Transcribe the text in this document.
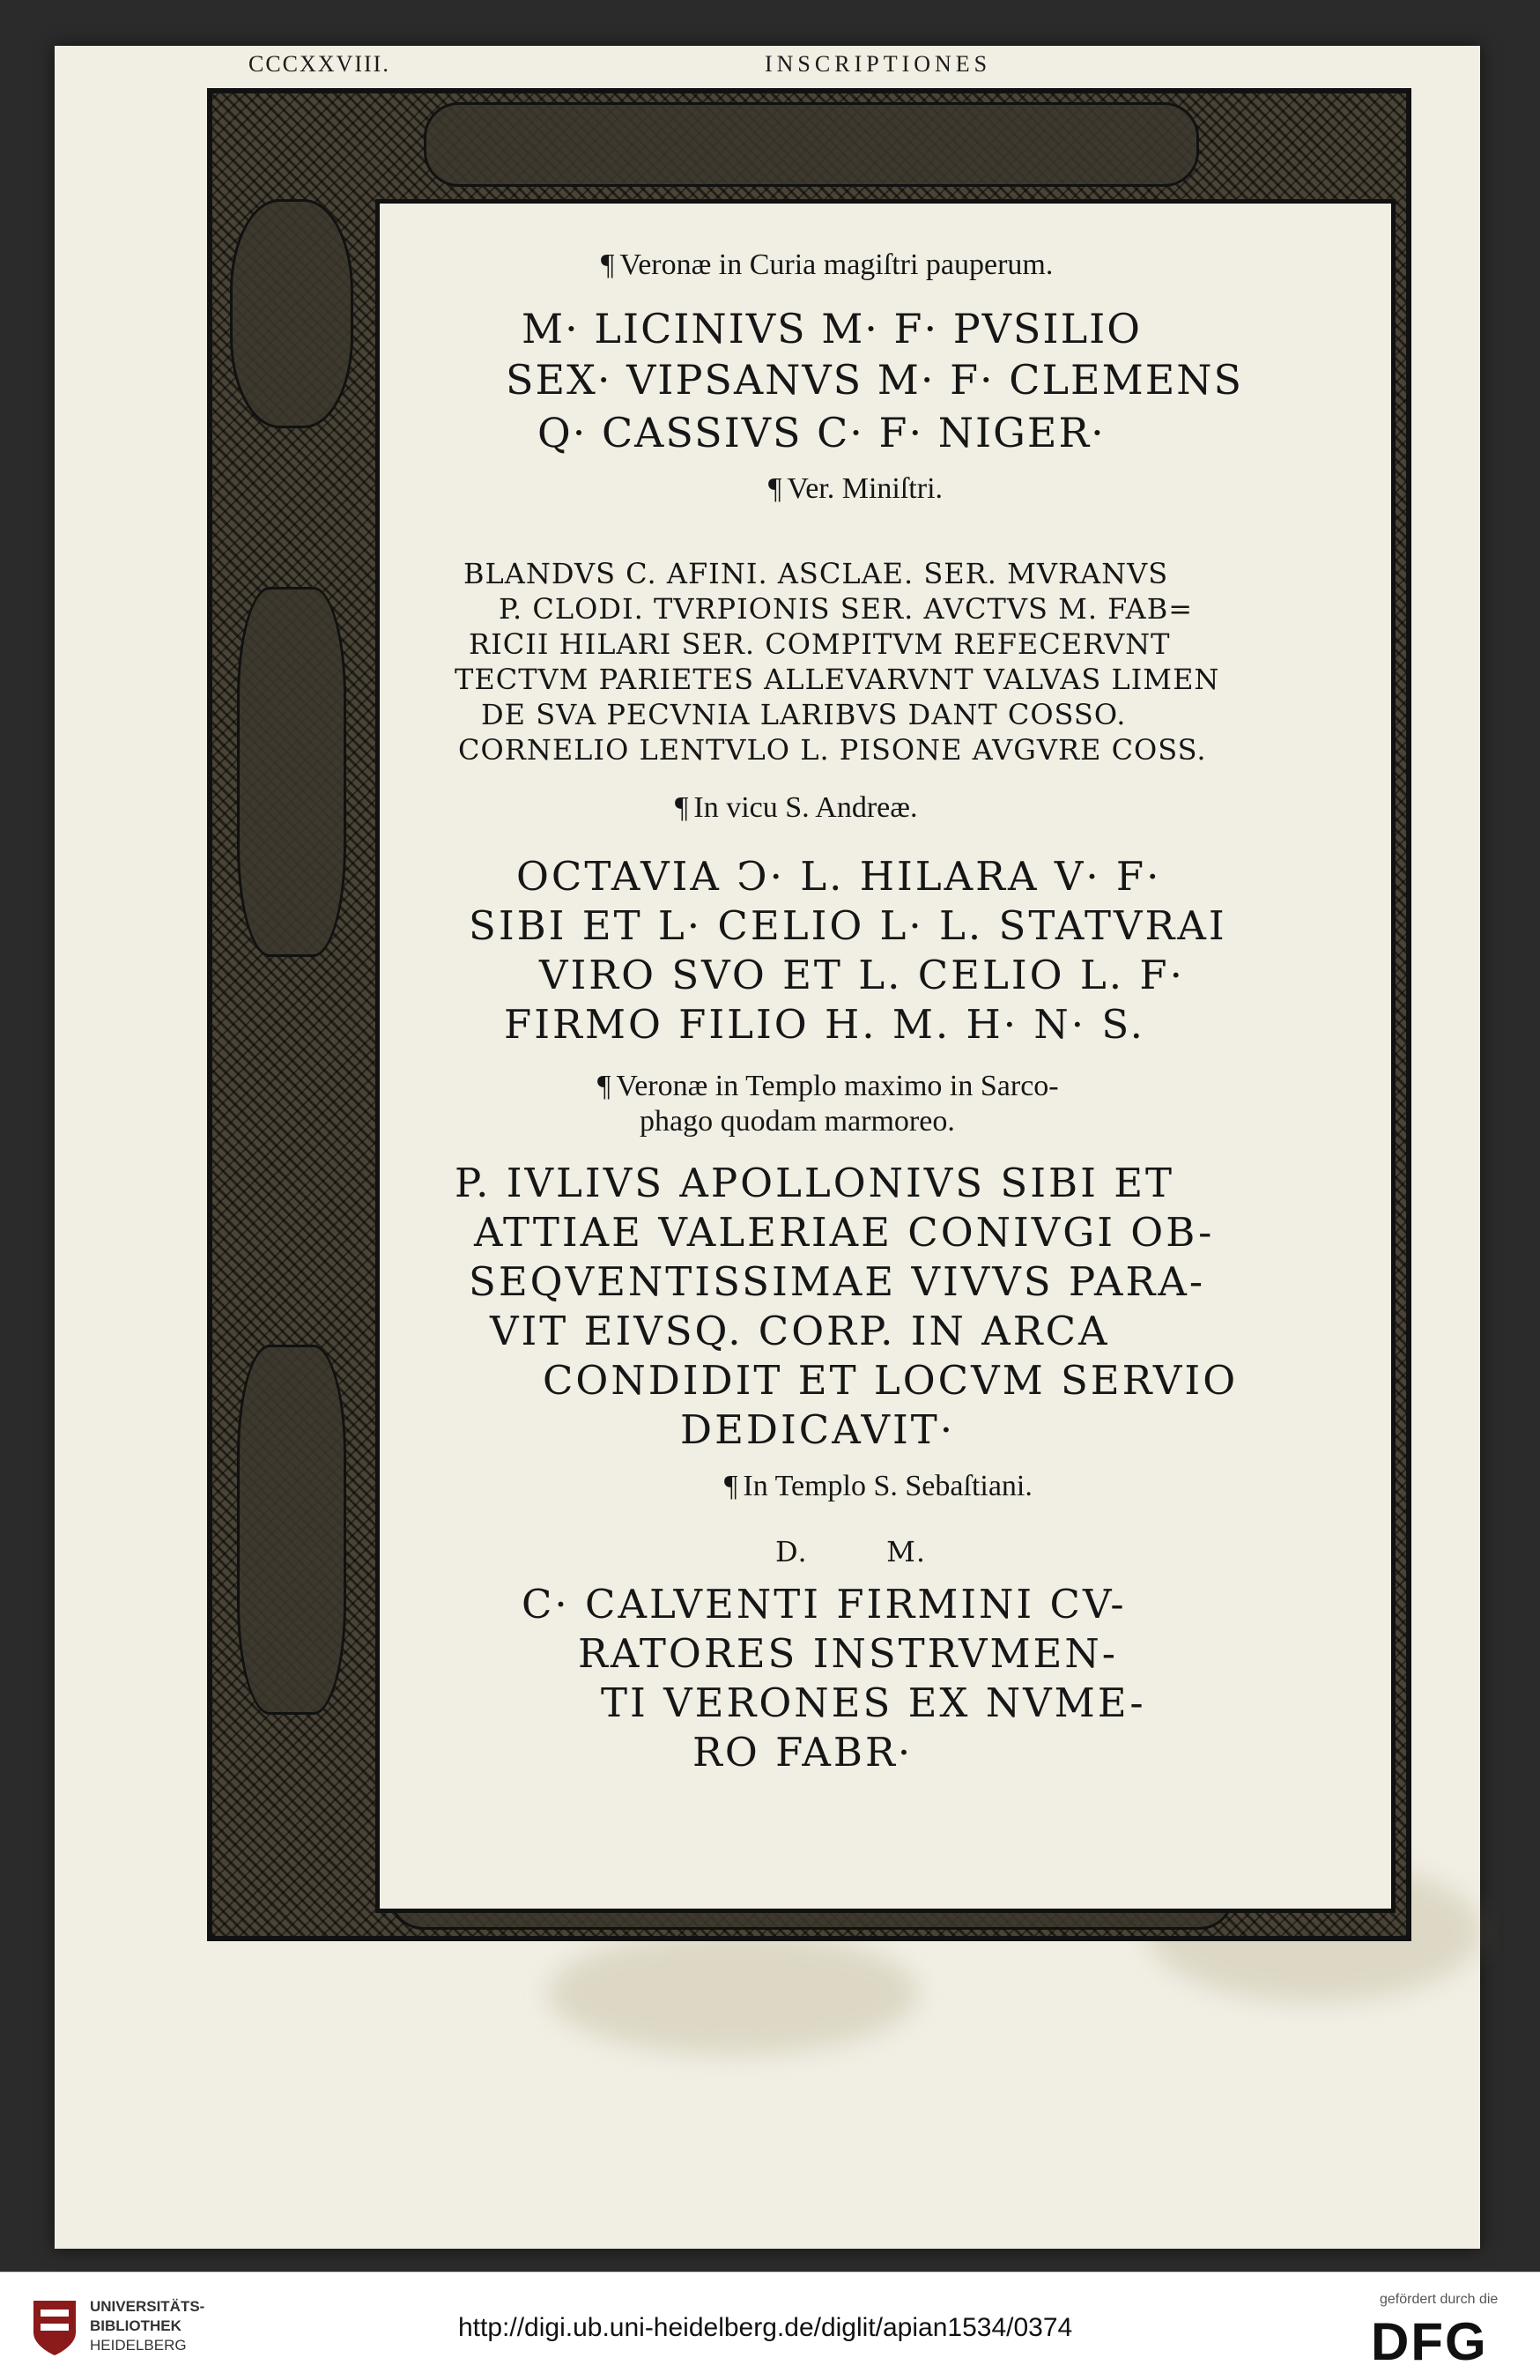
CCCXXVIII.	INSCRIPTIONES
¶ Veronæ in Curia magiſtri pauperum.
M· LICINIVS M· F· PVSILIO
SEX· VIPSANVS M· F· CLEMENS
Q· CASSIVS C· F· NIGER·
¶ Ver. Miniſtri.
BLANDVS C. AFINI. ASCLAE. SER. MVRANVS
P. CLODI. TVRPIONIS SER. AVCTVS M. FAB=
RICII HILARI SER. COMPITVM REFECERVNT
TECTVM PARIETES ALLEVARVNT VALVAS LIMEN
DE SVA PECVNIA LARIBVS DANT COSSO.
CORNELIO LENTVLO L. PISONE AVGVRE COSS.
¶ In vicu S. Andreæ.
OCTAVIA Ↄ· L. HILARA V· F·
SIBI ET L· CELIO L· L. STATVRAI
VIRO SVO ET L. CELIO L. F·
FIRMO FILIO H. M. H· N· S.
¶ Veronæ in Templo maximo in Sarco-
phago quodam marmoreo.
P. IVLIVS APOLLONIVS SIBI ET
ATTIAE VALERIAE CONIVGI OB-
SEQVENTISSIMAE VIVVS PARA-
VIT EIVSQ. CORP. IN ARCA
CONDIDIT ET LOCVM SERVIO
DEDICAVIT·
¶ In Templo S. Sebaſtiani.
D.        M.
C· CALVENTI FIRMINI CV-
RATORES INSTRVMEN-
TI VERONES EX NVME-
RO FABR·
UNIVERSITÄTS-
BIBLIOTHEK
HEIDELBERG
http://digi.ub.uni-heidelberg.de/diglit/apian1534/0374
gefördert durch die
DFG
